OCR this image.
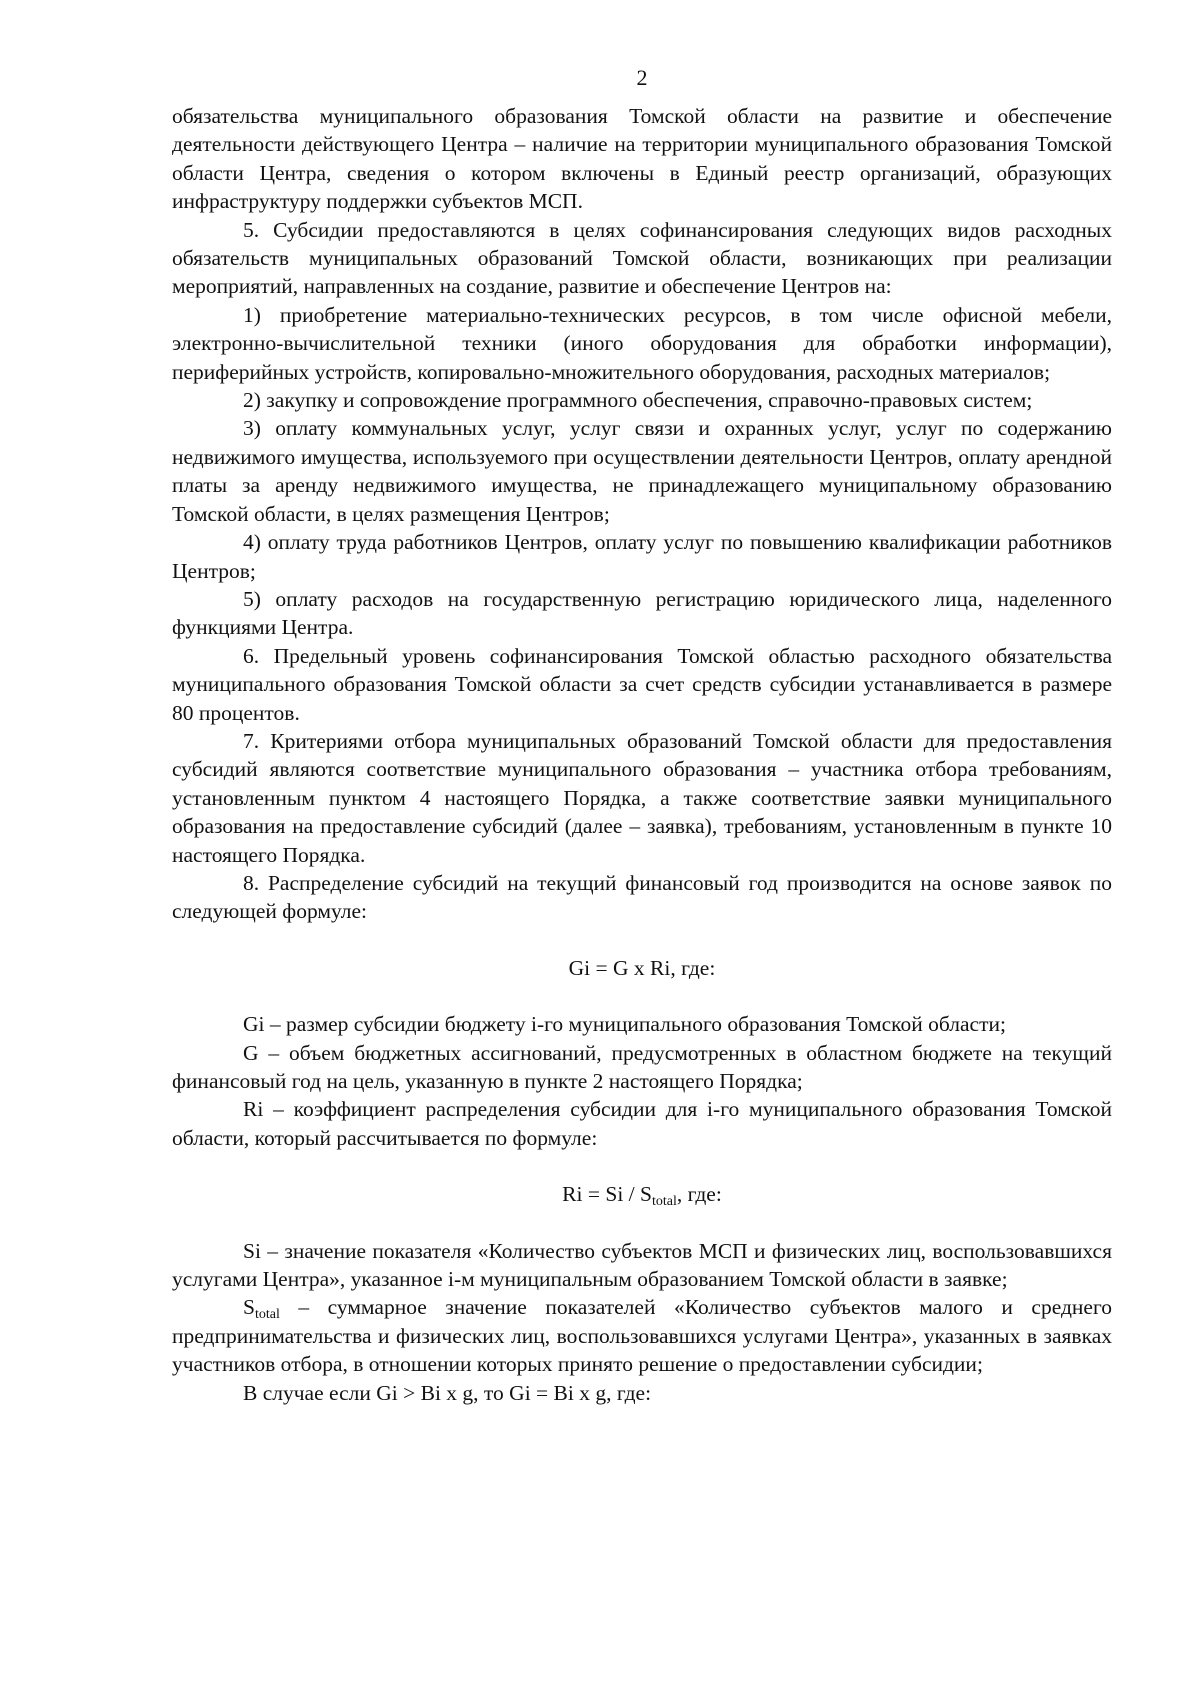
2

обязательства муниципального образования Томской области на развитие и обеспечение деятельности действующего Центра – наличие на территории муниципального образования Томской области Центра, сведения о котором включены в Единый реестр организаций, образующих инфраструктуру поддержки субъектов МСП.

5. Субсидии предоставляются в целях софинансирования следующих видов расходных обязательств муниципальных образований Томской области, возникающих при реализации мероприятий, направленных на создание, развитие и обеспечение Центров на:

1) приобретение материально-технических ресурсов, в том числе офисной мебели, электронно-вычислительной техники (иного оборудования для обработки информации), периферийных устройств, копировально-множительного оборудования, расходных материалов;

2) закупку и сопровождение программного обеспечения, справочно-правовых систем;

3) оплату коммунальных услуг, услуг связи и охранных услуг, услуг по содержанию недвижимого имущества, используемого при осуществлении деятельности Центров, оплату арендной платы за аренду недвижимого имущества, не принадлежащего муниципальному образованию Томской области, в целях размещения Центров;

4) оплату труда работников Центров, оплату услуг по повышению квалификации работников Центров;

5) оплату расходов на государственную регистрацию юридического лица, наделенного функциями Центра.

6. Предельный уровень софинансирования Томской областью расходного обязательства муниципального образования Томской области за счет средств субсидии устанавливается в размере 80 процентов.

7. Критериями отбора муниципальных образований Томской области для предоставления субсидий являются соответствие муниципального образования – участника отбора требованиям, установленным пунктом 4 настоящего Порядка, а также соответствие заявки муниципального образования на предоставление субсидий (далее – заявка), требованиям, установленным в пункте 10 настоящего Порядка.

8. Распределение субсидий на текущий финансовый год производится на основе заявок по следующей формуле:

Gi = G x Ri, где:

Gi – размер субсидии бюджету i-го муниципального образования Томской области;

G – объем бюджетных ассигнований, предусмотренных в областном бюджете на текущий финансовый год на цель, указанную в пункте 2 настоящего Порядка;

Ri – коэффициент распределения субсидии для i-го муниципального образования Томской области, который рассчитывается по формуле:

$Ri = Si / S_{total}$, где:

Si – значение показателя «Количество субъектов МСП и физических лиц, воспользовавшихся услугами Центра», указанное i-м муниципальным образованием Томской области в заявке;

$S_{total}$ – суммарное значение показателей «Количество субъектов малого и среднего предпринимательства и физических лиц, воспользовавшихся услугами Центра», указанных в заявках участников отбора, в отношении которых принято решение о предоставлении субсидии;

В случае если Gi > Bi x g, то Gi = Bi x g, где:
